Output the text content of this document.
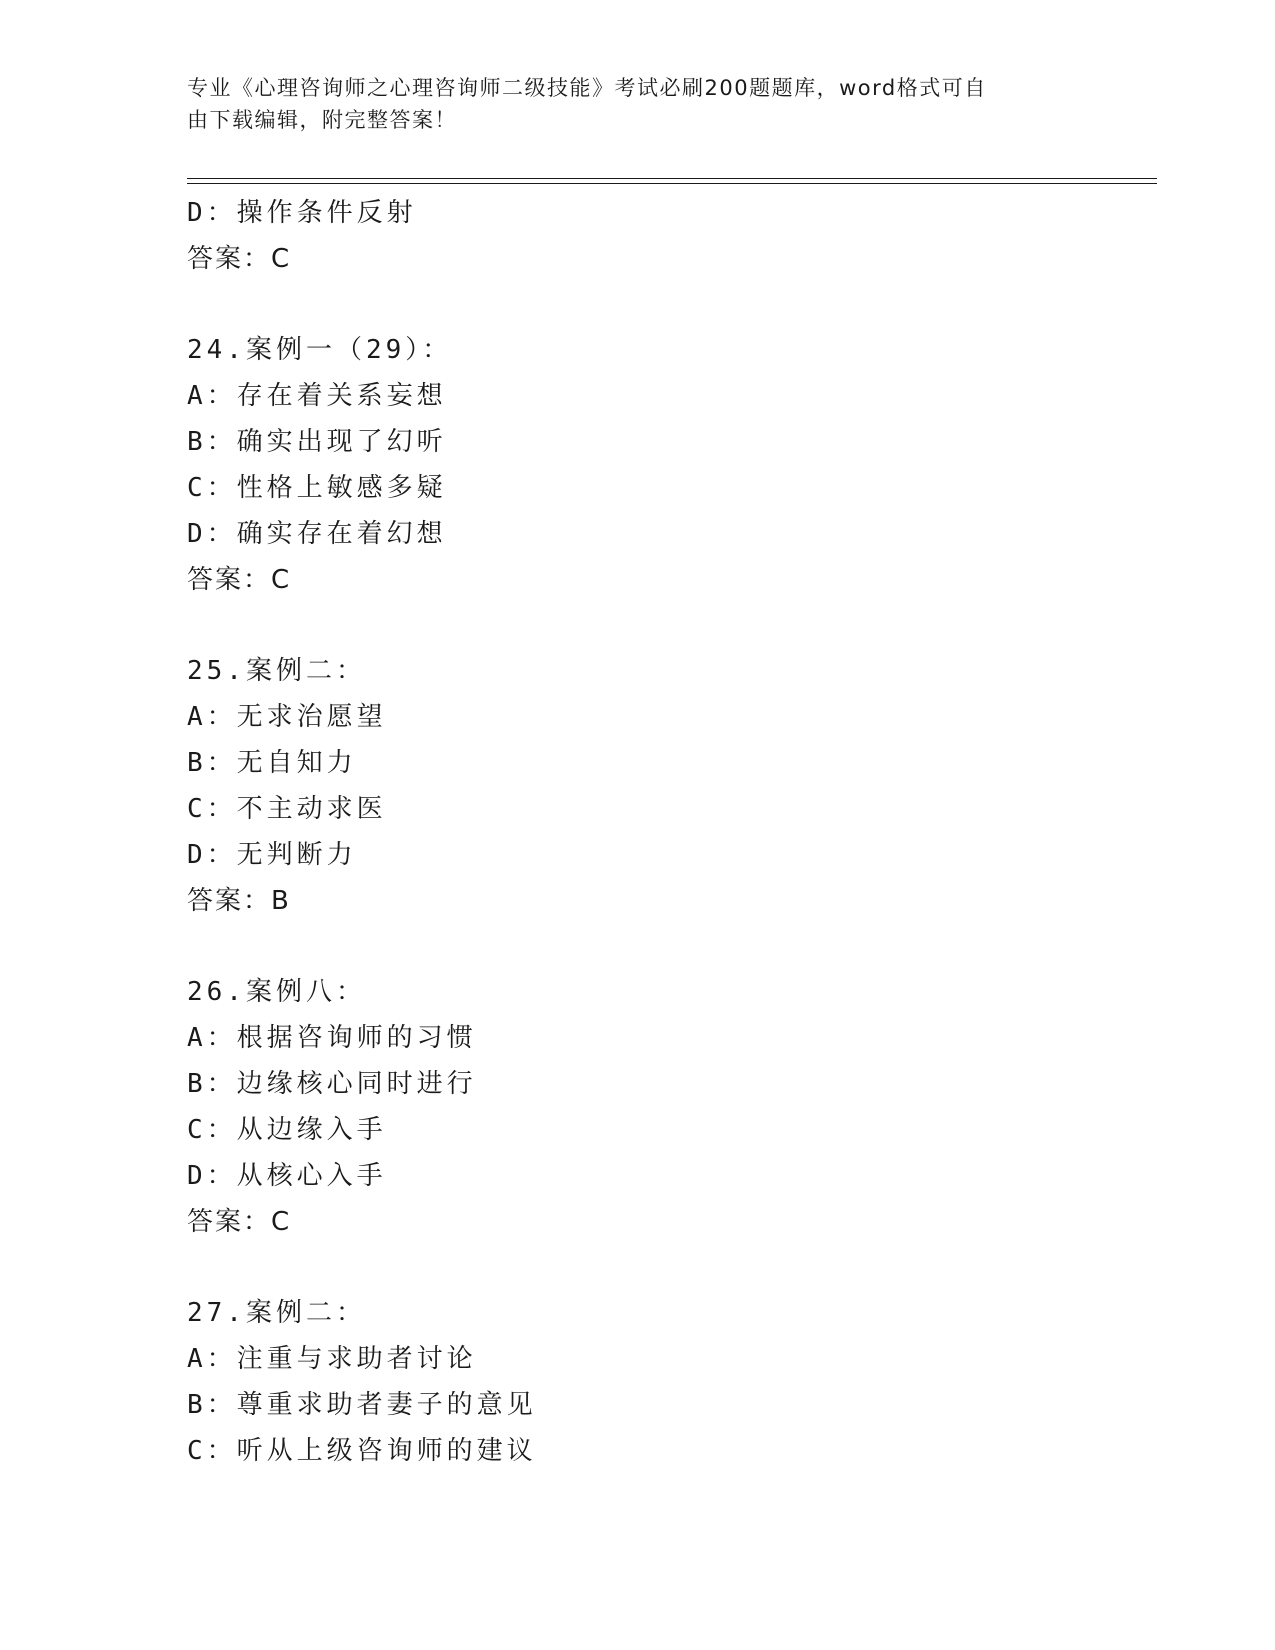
专业《心理咨询师之心理咨询师二级技能》考试必刷200题题库，word格式可自
由下载编辑，附完整答案！
D：操作条件反射
答案：C
24.案例一（29）：
A：存在着关系妄想
B：确实出现了幻听
C：性格上敏感多疑
D：确实存在着幻想
答案：C
25.案例二：
A：无求治愿望
B：无自知力
C：不主动求医
D：无判断力
答案：B
26.案例八：
A：根据咨询师的习惯
B：边缘核心同时进行
C：从边缘入手
D：从核心入手
答案：C
27.案例二：
A：注重与求助者讨论
B：尊重求助者妻子的意见
C：听从上级咨询师的建议
